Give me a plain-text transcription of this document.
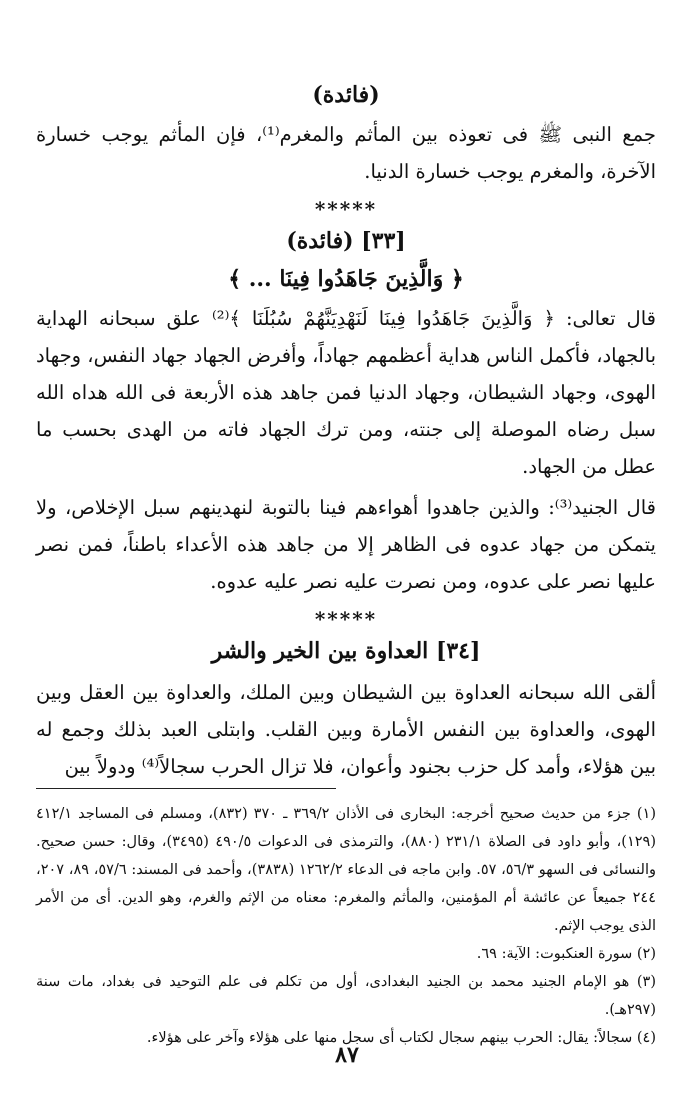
(فائدة)

جمع النبى ﷺ فى تعوذه بين المأثم والمغرم⁽¹⁾، فإن المأثم يوجب خسارة الآخرة، والمغرم يوجب خسارة الدنيا.

*****

[٣٣] (فائدة)

﴿ وَالَّذِينَ جَاهَدُوا فِينَا ... ﴾

قال تعالى: ﴿ وَالَّذِينَ جَاهَدُوا فِينَا لَنَهْدِيَنَّهُمْ سُبُلَنَا ﴾⁽²⁾ علق سبحانه الهداية بالجهاد، فأكمل الناس هداية أعظمهم جهاداً، وأفرض الجهاد جهاد النفس، وجهاد الهوى، وجهاد الشيطان، وجهاد الدنيا فمن جاهد هذه الأربعة فى الله هداه الله سبل رضاه الموصلة إلى جنته، ومن ترك الجهاد فاته من الهدى بحسب ما عطل من الجهاد.

قال الجنيد⁽³⁾: والذين جاهدوا أهواءهم فينا بالتوبة لنهدينهم سبل الإخلاص، ولا يتمكن من جهاد عدوه فى الظاهر إلا من جاهد هذه الأعداء باطناً، فمن نصر عليها نصر على عدوه، ومن نصرت عليه نصر عليه عدوه.

*****

[٣٤] العداوة بين الخير والشر

ألقى الله سبحانه العداوة بين الشيطان وبين الملك، والعداوة بين العقل وبين الهوى، والعداوة بين النفس الأمارة وبين القلب. وابتلى العبد بذلك وجمع له بين هؤلاء، وأمد كل حزب بجنود وأعوان، فلا تزال الحرب سجالاً⁽⁴⁾ ودولاً بين

(١) جزء من حديث صحيح أخرجه: البخارى فى الأذان ٣٦٩/٢ ـ ٣٧٠ (٨٣٢)، ومسلم فى المساجد ٤١٢/١ (١٢٩)، وأبو داود فى الصلاة ٢٣١/١ (٨٨٠)، والترمذى فى الدعوات ٤٩٠/٥ (٣٤٩٥)، وقال: حسن صحيح. والنسائى فى السهو ٥٦/٣، ٥٧. وابن ماجه فى الدعاء ١٢٦٢/٢ (٣٨٣٨)، وأحمد فى المسند: ٥٧/٦، ٨٩، ٢٠٧، ٢٤٤ جميعاً عن عائشة أم المؤمنين، والمأثم والمغرم: معناه من الإثم والغرم، وهو الدين. أى من الأمر الذى يوجب الإثم.

(٢) سورة العنكبوت: الآية: ٦٩.

(٣) هو الإمام الجنيد محمد بن الجنيد البغدادى، أول من تكلم فى علم التوحيد فى بغداد، مات سنة (٢٩٧هـ).

(٤) سجالاً: يقال: الحرب بينهم سجال لكتاب أى سجل منها على هؤلاء وآخر على هؤلاء.

٨٧
